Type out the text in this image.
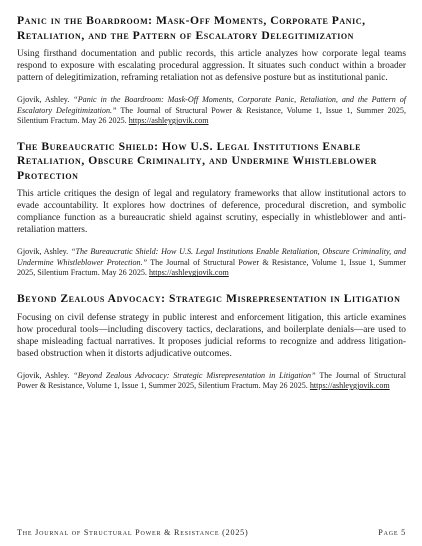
Panic in the Boardroom: Mask-Off Moments, Corporate Panic, Retaliation, and the Pattern of Escalatory Delegitimization

Using firsthand documentation and public records, this article analyzes how corporate legal teams respond to exposure with escalating procedural aggression. It situates such conduct within a broader pattern of delegitimization, reframing retaliation not as defensive posture but as institutional panic.

Gjovik, Ashley. “Panic in the Boardroom: Mask-Off Moments, Corporate Panic, Retaliation, and the Pattern of Escalatory Delegitimization.” The Journal of Structural Power & Resistance, Volume 1, Issue 1, Summer 2025, Silentium Fractum. May 26 2025. https://ashleygjovik.com

The Bureaucratic Shield: How U.S. Legal Institutions Enable Retaliation, Obscure Criminality, and Undermine Whistleblower Protection

This article critiques the design of legal and regulatory frameworks that allow institutional actors to evade accountability. It explores how doctrines of deference, procedural discretion, and symbolic compliance function as a bureaucratic shield against scrutiny, especially in whistleblower and anti-retaliation matters.

Gjovik, Ashley. “The Bureaucratic Shield: How U.S. Legal Institutions Enable Retaliation, Obscure Criminality, and Undermine Whistleblower Protection.” The Journal of Structural Power & Resistance, Volume 1, Issue 1, Summer 2025, Silentium Fractum. May 26 2025. https://ashleygjovik.com

Beyond Zealous Advocacy: Strategic Misrepresentation in Litigation

Focusing on civil defense strategy in public interest and enforcement litigation, this article examines how procedural tools—including discovery tactics, declarations, and boilerplate denials—are used to shape misleading factual narratives. It proposes judicial reforms to recognize and address litigation-based obstruction when it distorts adjudicative outcomes.

Gjovik, Ashley. “Beyond Zealous Advocacy: Strategic Misrepresentation in Litigation” The Journal of Structural Power & Resistance, Volume 1, Issue 1, Summer 2025, Silentium Fractum. May 26 2025. https://ashleygjovik.com

The Journal of Structural Power & Resistance (2025)	Page 5
